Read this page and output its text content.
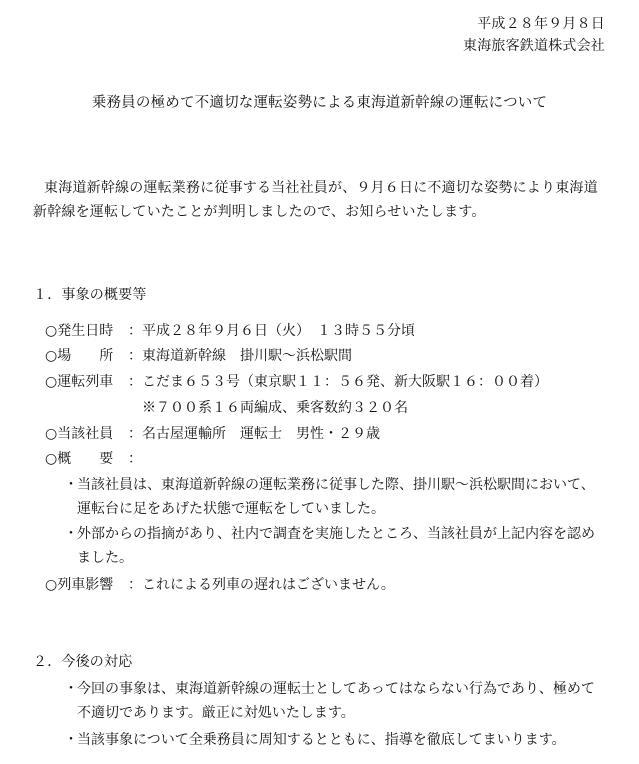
平成２８年９月８日

東海旅客鉄道株式会社

乗務員の極めて不適切な運転姿勢による東海道新幹線の運転について

東海道新幹線の運転業務に従事する当社社員が、９月６日に不適切な姿勢により東海道

新幹線を運転していたことが判明しましたので、お知らせいたします。

１．事象の概要等

○発生日時 ：平成２８年９月６日（火）　１３時５５分頃
○場　　所 ：東海道新幹線　掛川駅〜浜松駅間
○運転列車 ：こだま６５３号（東京駅１１：５６発、新大阪駅１６：００着）
※７００系１６両編成、乗客数約３２０名
○当該社員 ：名古屋運輸所　運転士　男性・２９歳
○概　　要 ：
・ 当該社員は、東海道新幹線の運転業務に従事した際、掛川駅〜浜松駅間において、運転台に足をあげた状態で運転をしていました。
・ 外部からの指摘があり、社内で調査を実施したところ、当該社員が上記内容を認めました。
○列車影響 ：これによる列車の遅れはございません。

２．今後の対応

・ 今回の事象は、東海道新幹線の運転士としてあってはならない行為であり、極めて不適切であります。厳正に対処いたします。
・ 当該事象について全乗務員に周知するとともに、指導を徹底してまいります。
